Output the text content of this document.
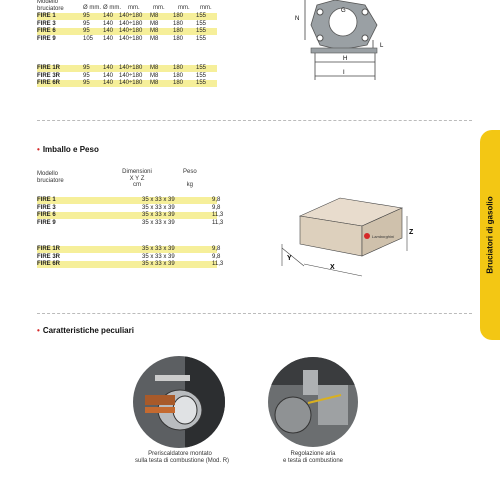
Modello
bruciatore	Ø mm. Ø mm. mm. mm. mm. mm.
FIRE 1	95 140 140÷180 M8 180 155
FIRE 3	95 140 140÷180 M8 180 155
FIRE 6	95 140 140÷180 M8 180 155
FIRE 9	105 140 140÷180 M8 180 155
FIRE 1R	95 140 140÷180 M8 180 155
FIRE 3R	95 140 140÷180 M8 180 155
FIRE 6R	95 140 140÷180 M8 180 155
N
G
H
L
I
• Imballo e Peso
Modello
bruciatore
Dimensioni
X Y Z
cm
Peso
kg
FIRE 1	35 x 33 x 39	9,8
FIRE 3	35 x 33 x 39	9,8
FIRE 6	35 x 33 x 39	11,3
FIRE 9	35 x 33 x 39	11,3
FIRE 1R	35 x 33 x 39	9,8
FIRE 3R	35 x 33 x 39	9,8
FIRE 6R	35 x 33 x 39	11,3
Lamborghini
Y
X
Z
• Caratteristiche peculiari
Preriscaldatore montato
sulla testa di combustione (Mod. R)
Regolazione aria
e testa di combustione
Bruciatori di gasolio
